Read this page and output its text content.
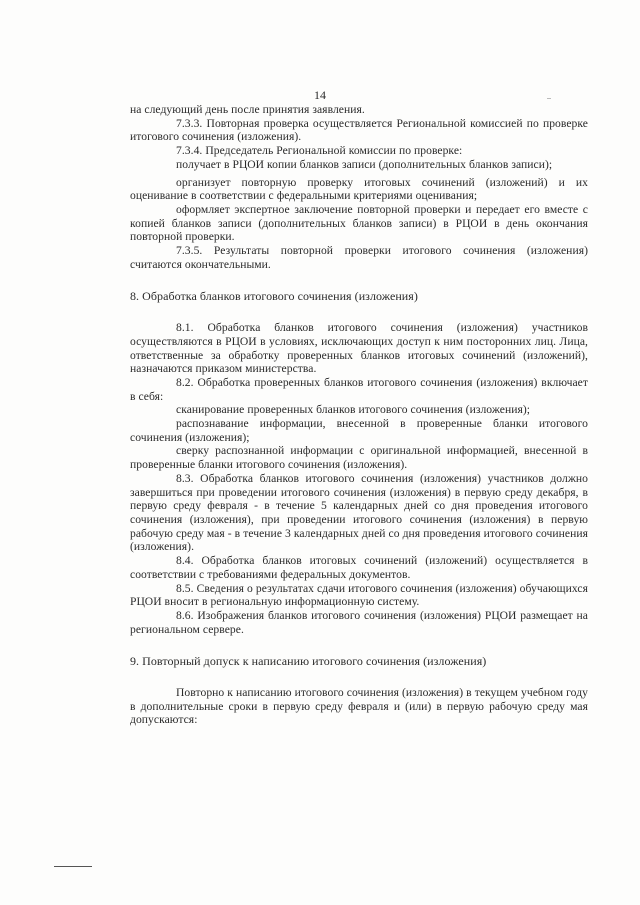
14

на следующий день после принятия заявления.

7.3.3. Повторная проверка осуществляется Региональной комиссией по проверке итогового сочинения (изложения).

7.3.4. Председатель Региональной комиссии по проверке:

получает в РЦОИ копии бланков записи (дополнительных бланков записи);

организует повторную проверку итоговых сочинений (изложений) и их оценивание в соответствии с федеральными критериями оценивания;

оформляет экспертное заключение повторной проверки и передает его вместе с копией бланков записи (дополнительных бланков записи) в РЦОИ в день окончания повторной проверки.

7.3.5. Результаты повторной проверки итогового сочинения (изложения) считаются окончательными.

8. Обработка бланков итогового сочинения (изложения)

8.1. Обработка бланков итогового сочинения (изложения) участников осуществляются в РЦОИ в условиях, исключающих доступ к ним посторонних лиц. Лица, ответственные за обработку проверенных бланков итоговых сочинений (изложений), назначаются приказом министерства.

8.2. Обработка проверенных бланков итогового сочинения (изложения) включает в себя:

сканирование проверенных бланков итогового сочинения (изложения);

распознавание информации, внесенной в проверенные бланки итогового сочинения (изложения);

сверку распознанной информации с оригинальной информацией, внесенной в проверенные бланки итогового сочинения (изложения).

8.3. Обработка бланков итогового сочинения (изложения) участников должно завершиться при проведении итогового сочинения (изложения) в первую среду декабря, в первую среду февраля - в течение 5 календарных дней со дня проведения итогового сочинения (изложения), при проведении итогового сочинения (изложения) в первую рабочую среду мая - в течение 3 календарных дней со дня проведения итогового сочинения (изложения).

8.4. Обработка бланков итоговых сочинений (изложений) осуществляется в соответствии с требованиями федеральных документов.

8.5. Сведения о результатах сдачи итогового сочинения (изложения) обучающихся РЦОИ вносит в региональную информационную систему.

8.6. Изображения бланков итогового сочинения (изложения) РЦОИ размещает на региональном сервере.

9. Повторный допуск к написанию итогового сочинения (изложения)

Повторно к написанию итогового сочинения (изложения) в текущем учебном году в дополнительные сроки в первую среду февраля и (или) в первую рабочую среду мая допускаются:
